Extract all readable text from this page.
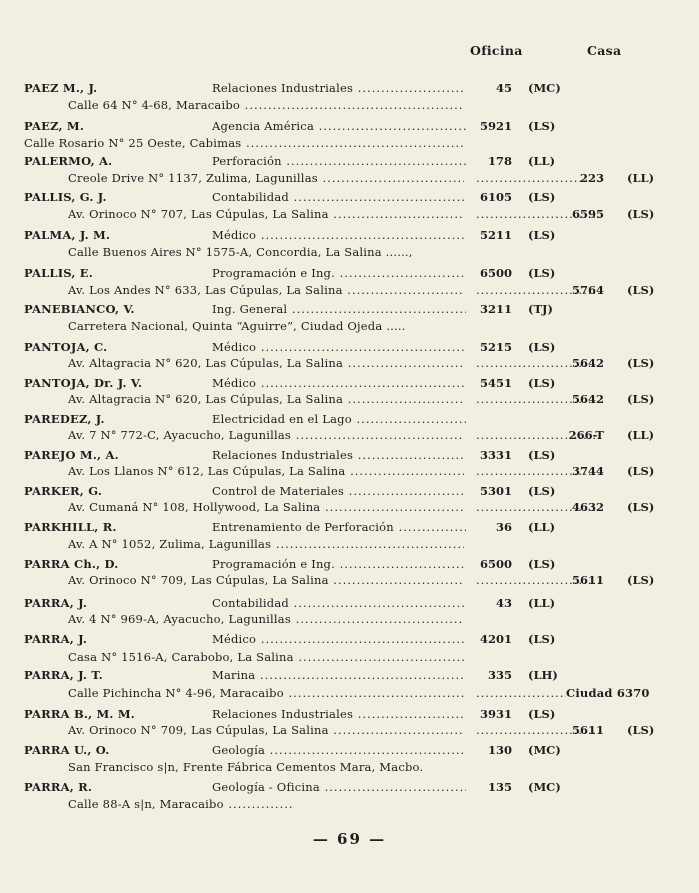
Oficina	Casa
PAEZ M., J.	Relaciones Industriales .....	45 (MC)
Calle 64 N° 4-68, Maracaibo .....
PAEZ, M.	Agencia América .....	5921 (LS)
Calle Rosario N° 25 Oeste, Cabimas .....
PALERMO, A.	Perforación .....	178 (LL)
Creole Drive N° 1137, Zulima, Lagunillas ..... .....	223 (LL)
PALLIS, G. J.	Contabilidad .....	6105 (LS)
Av. Orinoco N° 707, Las Cúpulas, La Salina ..... .....	6595 (LS)
PALMA, J. M.	Médico .....	5211 (LS)
Calle Buenos Aires N° 1575-A, Concordia, La Salina ......,
PALLIS, E.	Programación e Ing. .....	6500 (LS)
Av. Los Andes N° 633, Las Cúpulas, La Salina ..... .....	5764 (LS)
PANEBIANCO, V.	Ing. General .....	3211 (TJ)
Carretera Nacional, Quinta “Aguirre”, Ciudad Ojeda .....
PANTOJA, C.	Médico .....	5215 (LS)
Av. Altagracia N° 620, Las Cúpulas, La Salina ..... .....	5642 (LS)
PANTOJA, Dr. J. V.	Médico .....	5451 (LS)
Av. Altagracia N° 620, Las Cúpulas, La Salina ..... .....	5642 (LS)
PAREDEZ, J.	Electricidad en el Lago .....
Av. 7 N° 772-C, Ayacucho, Lagunillas ..... .....	266-T (LL)
PAREJO M., A.	Relaciones Industriales .....	3331 (LS)
Av. Los Llanos N° 612, Las Cúpulas, La Salina ..... .....	3744 (LS)
PARKER, G.	Control de Materiales .....	5301 (LS)
Av. Cumaná N° 108, Hollywood, La Salina ..... .....	4632 (LS)
PARKHILL, R.	Entrenamiento de Perforación .....	36 (LL)
Av. A N° 1052, Zulima, Lagunillas .....
PARRA Ch., D.	Programación e Ing. .....	6500 (LS)
Av. Orinoco N° 709, Las Cúpulas, La Salina ..... .....	5611 (LS)
PARRA, J.	Contabilidad .....	43 (LL)
Av. 4 N° 969-A, Ayacucho, Lagunillas .....
PARRA, J.	Médico .....	4201 (LS)
Casa N° 1516-A, Carabobo, La Salina .....
PARRA, J. T.	Marina .....	335 (LH)
Calle Pichincha N° 4-96, Maracaibo ..... .....	Ciudad 6370
PARRA B., M. M.	Relaciones Industriales .....	3931 (LS)
Av. Orinoco N° 709, Las Cúpulas, La Salina ..... .....	5611 (LS)
PARRA U., O.	Geología .....	130 (MC)
San Francisco s|n, Frente Fábrica Cementos Mara, Macbo.
PARRA, R.	Geología - Oficina .....	135 (MC)
Calle 88-A s|n, Maracaibo .....
— 69 —
